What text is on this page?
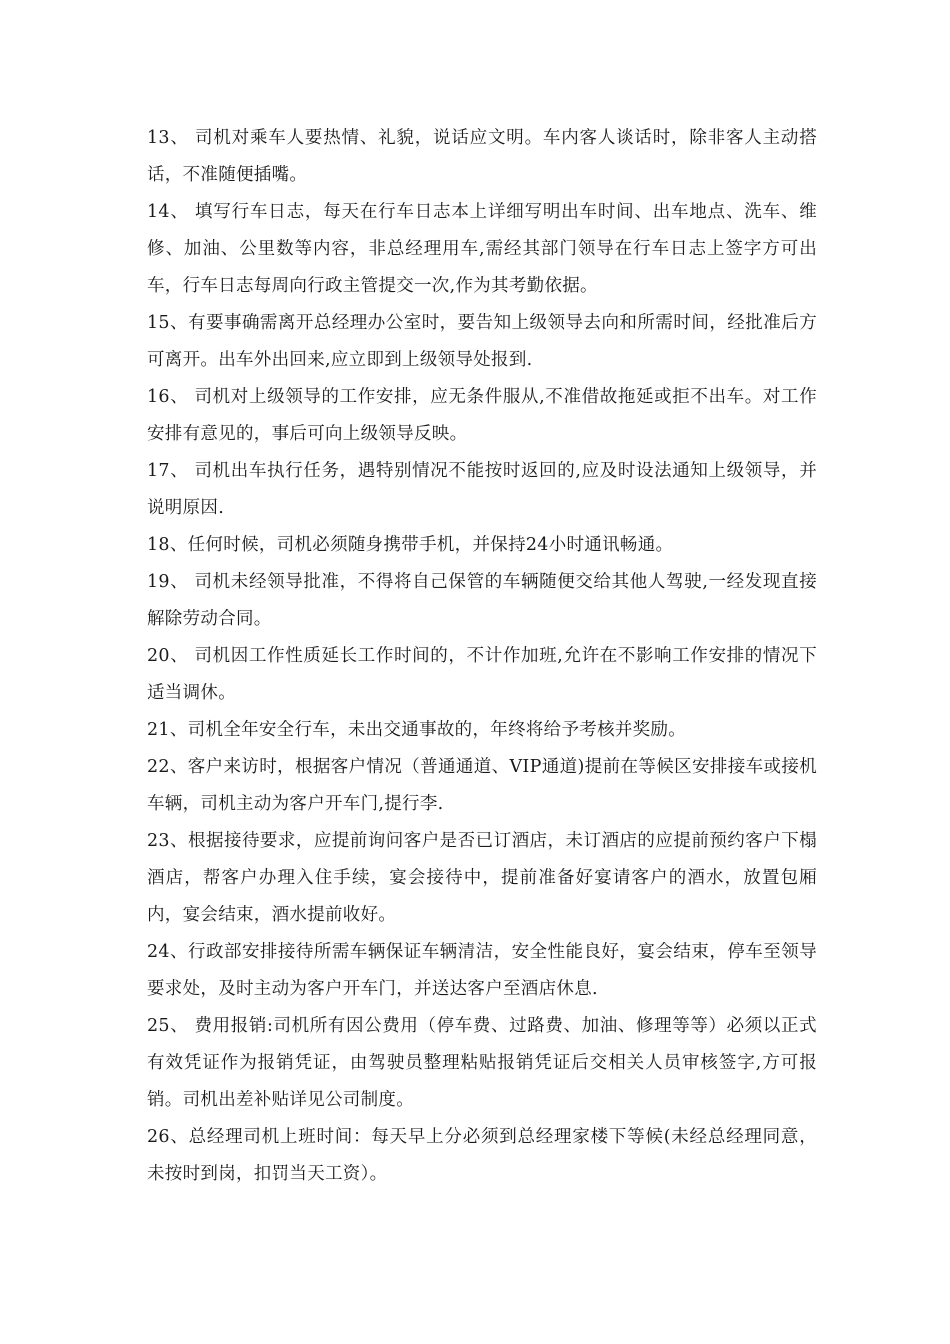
13、 司机对乘车人要热情、礼貌，说话应文明。车内客人谈话时，除非客人主动搭话，不准随便插嘴。

14、 填写行车日志，每天在行车日志本上详细写明出车时间、出车地点、洗车、维修、加油、公里数等内容，非总经理用车,需经其部门领导在行车日志上签字方可出车，行车日志每周向行政主管提交一次,作为其考勤依据。

15、有要事确需离开总经理办公室时，要告知上级领导去向和所需时间，经批准后方可离开。出车外出回来,应立即到上级领导处报到.

16、 司机对上级领导的工作安排，应无条件服从,不准借故拖延或拒不出车。对工作安排有意见的，事后可向上级领导反映。

17、 司机出车执行任务，遇特别情况不能按时返回的,应及时设法通知上级领导，并说明原因.

18、任何时候，司机必须随身携带手机，并保持24小时通讯畅通。

19、 司机未经领导批准，不得将自己保管的车辆随便交给其他人驾驶,一经发现直接解除劳动合同。

20、 司机因工作性质延长工作时间的，不计作加班,允许在不影响工作安排的情况下适当调休。

21、司机全年安全行车，未出交通事故的，年终将给予考核并奖励。

22、客户来访时，根据客户情况（普通通道、VIP通道)提前在等候区安排接车或接机车辆，司机主动为客户开车门,提行李.

23、根据接待要求，应提前询问客户是否已订酒店，未订酒店的应提前预约客户下榻酒店，帮客户办理入住手续，宴会接待中，提前准备好宴请客户的酒水，放置包厢内，宴会结束，酒水提前收好。

24、行政部安排接待所需车辆保证车辆清洁，安全性能良好，宴会结束，停车至领导要求处，及时主动为客户开车门，并送达客户至酒店休息.

25、 费用报销:司机所有因公费用（停车费、过路费、加油、修理等等）必须以正式有效凭证作为报销凭证，由驾驶员整理粘贴报销凭证后交相关人员审核签字,方可报销。司机出差补贴详见公司制度。

26、总经理司机上班时间：每天早上分必须到总经理家楼下等候(未经总经理同意，未按时到岗，扣罚当天工资）。
